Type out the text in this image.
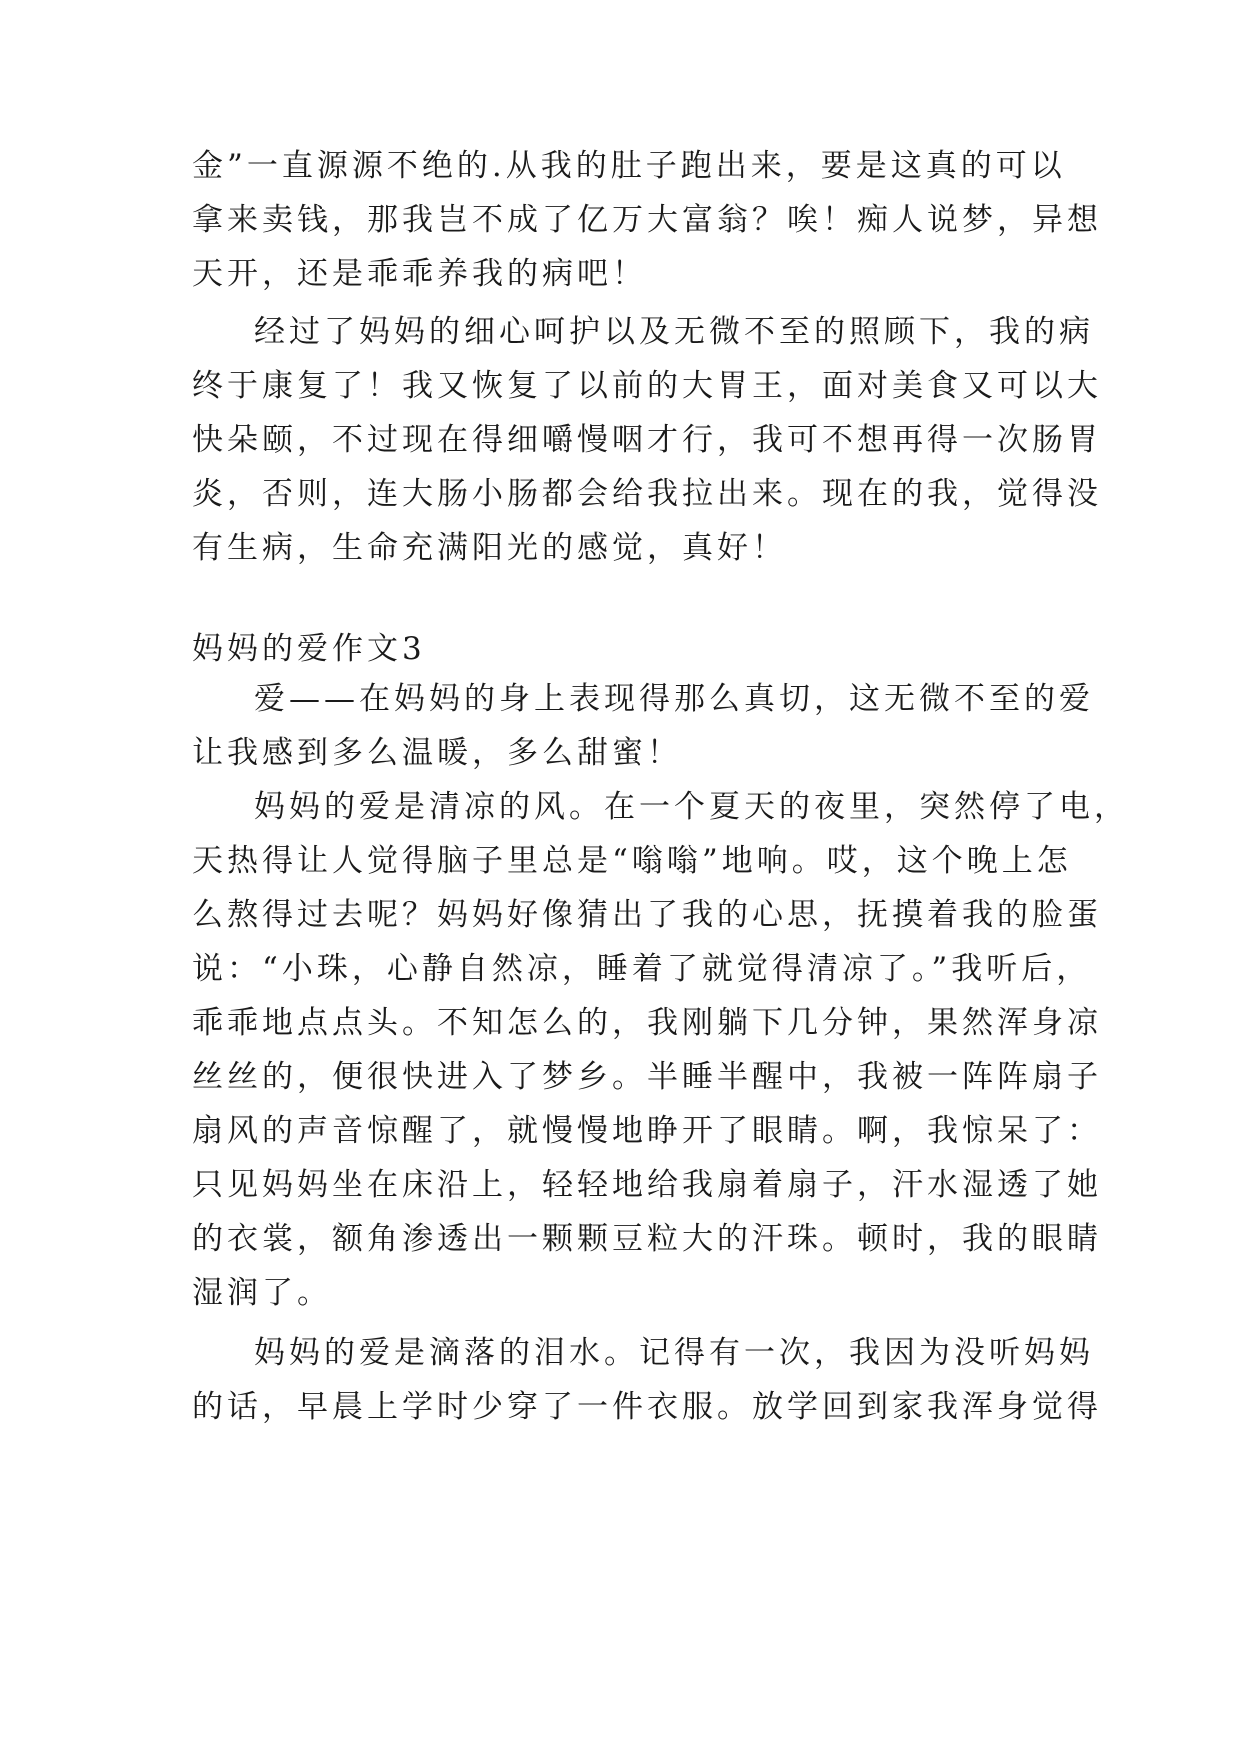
金”一直源源不绝的.从我的肚子跑出来，要是这真的可以
拿来卖钱，那我岂不成了亿万大富翁？唉！痴人说梦，异想
天开，还是乖乖养我的病吧！
经过了妈妈的细心呵护以及无微不至的照顾下，我的病
终于康复了！我又恢复了以前的大胃王，面对美食又可以大
快朵颐，不过现在得细嚼慢咽才行，我可不想再得一次肠胃
炎，否则，连大肠小肠都会给我拉出来。现在的我，觉得没
有生病，生命充满阳光的感觉，真好！
妈妈的爱作文3
爱——在妈妈的身上表现得那么真切，这无微不至的爱
让我感到多么温暖，多么甜蜜！
妈妈的爱是清凉的风。在一个夏天的夜里，突然停了电，
天热得让人觉得脑子里总是“嗡嗡”地响。哎，这个晚上怎
么熬得过去呢？妈妈好像猜出了我的心思，抚摸着我的脸蛋
说：“小珠，心静自然凉，睡着了就觉得清凉了。”我听后，
乖乖地点点头。不知怎么的，我刚躺下几分钟，果然浑身凉
丝丝的，便很快进入了梦乡。半睡半醒中，我被一阵阵扇子
扇风的声音惊醒了，就慢慢地睁开了眼睛。啊，我惊呆了：
只见妈妈坐在床沿上，轻轻地给我扇着扇子，汗水湿透了她
的衣裳，额角渗透出一颗颗豆粒大的汗珠。顿时，我的眼睛
湿润了。
妈妈的爱是滴落的泪水。记得有一次，我因为没听妈妈
的话，早晨上学时少穿了一件衣服。放学回到家我浑身觉得
